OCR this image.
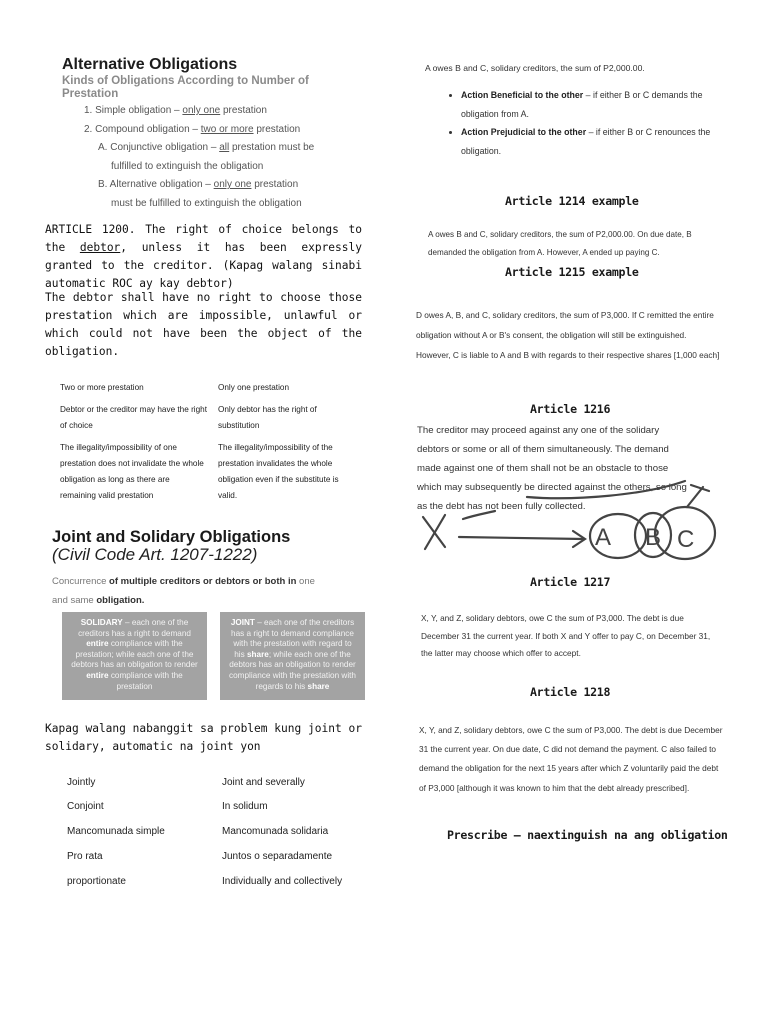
Alternative Obligations
Kinds of Obligations According to Number of Prestation
1. Simple obligation – only one prestation
2. Compound obligation – two or more prestation
A. Conjunctive obligation – all prestation must be
fulfilled to extinguish the obligation
B. Alternative obligation – only one prestation
must be fulfilled to extinguish the obligation
ARTICLE 1200. The right of choice belongs to the debtor, unless it has been expressly granted to the creditor. (Kapag walang sinabi automatic ROC ay kay debtor)
The debtor shall have no right to choose those prestation which are impossible, unlawful or which could not have been the object of the obligation.
Two or more prestation	Only one prestation
Debtor or the creditor may have the right of choice
Only debtor has the right of substitution
The illegality/impossibility of one prestation does not invalidate the whole obligation as long as there are remaining valid prestation
The illegality/impossibility of the prestation invalidates the whole obligation even if the substitute is valid.
Joint and Solidary Obligations
(Civil Code Art. 1207-1222)
Concurrence of multiple creditors or debtors or both in one and same obligation.
SOLIDARY – each one of the creditors has a right to demand entire compliance with the prestation; while each one of the debtors has an obligation to render entire compliance with the prestation
JOINT – each one of the creditors has a right to demand compliance with the prestation with regard to his share; while each one of the debtors has an obligation to render compliance with the prestation with regards to his share
Kapag walang nabanggit sa problem kung joint or solidary, automatic na joint yon
Jointly
Conjoint
Mancomunada simple
Pro rata
proportionate
Joint and severally
In solidum
Mancomunada solidaria
Juntos o separadamente
Individually and collectively
A owes B and C, solidary creditors, the sum of P2,000.00.
• Action Beneficial to the other – if either B or C demands the obligation from A.
• Action Prejudicial to the other – if either B or C renounces the obligation.
Article 1214 example
A owes B and C, solidary creditors, the sum of P2,000.00. On due date, B demanded the obligation from A. However, A ended up paying C.
Article 1215 example
D owes A, B, and C, solidary creditors, the sum of P3,000. If C remitted the entire obligation without A or B's consent, the obligation will still be extinguished. However, C is liable to A and B with regards to their respective shares [1,000 each]
Article 1216
The creditor may proceed against any one of the solidary debtors or some or all of them simultaneously. The demand made against one of them shall not be an obstacle to those which may subsequently be directed against the others, so long as the debt has not been fully collected.
A B C
Article 1217
X, Y, and Z, solidary debtors, owe C the sum of P3,000. The debt is due December 31 the current year. If both X and Y offer to pay C, on December 31, the latter may choose which offer to accept.
Article 1218
X, Y, and Z, solidary debtors, owe C the sum of P3,000. The debt is due December 31 the current year. On due date, C did not demand the payment. C also failed to demand the obligation for the next 15 years after which Z voluntarily paid the debt of P3,000 [although it was known to him that the debt already prescribed].
Prescribe – naextinguish na ang obligation
